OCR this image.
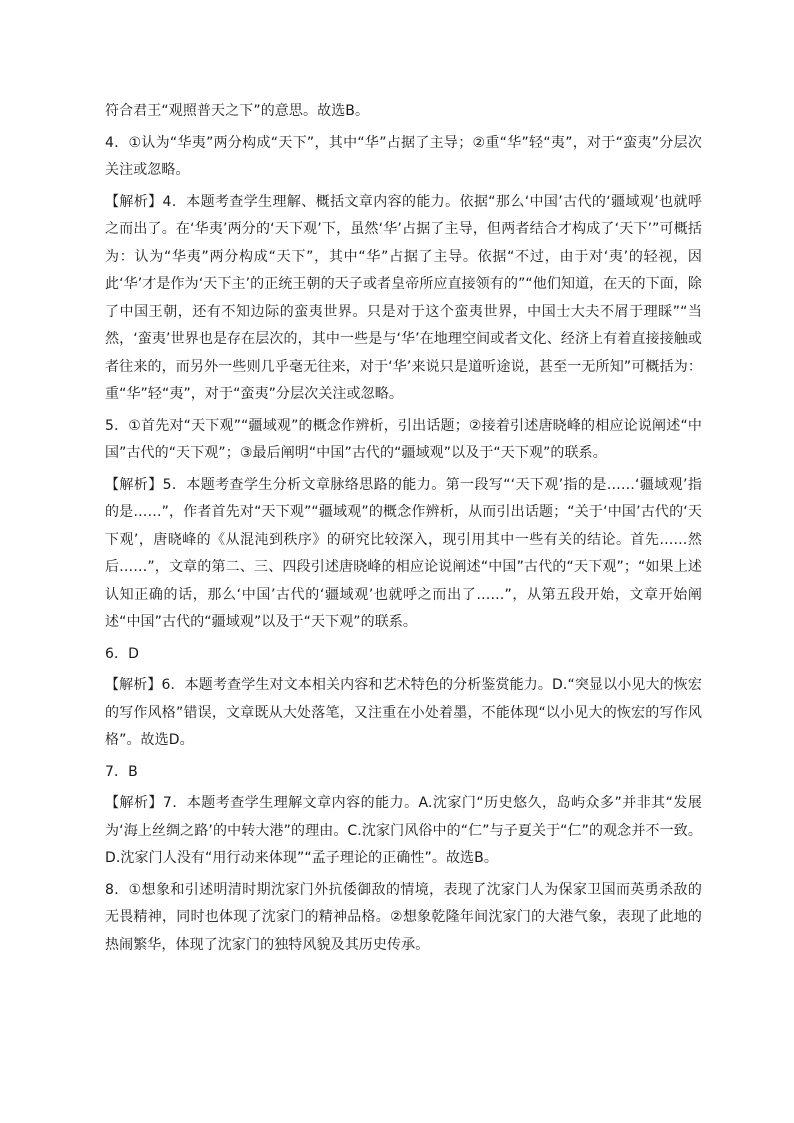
符合君王“观照普天之下”的意思。故选B。

4．①认为“华夷”两分构成“天下”，其中“华”占据了主导；②重“华”轻“夷”，对于“蛮夷”分层次关注或忽略。

【解析】4．本题考查学生理解、概括文章内容的能力。依据“那么‘中国’古代的‘疆域观’也就呼之而出了。在‘华夷’两分的‘天下观’下，虽然‘华’占据了主导，但两者结合才构成了‘天下’”可概括为：认为“华夷”两分构成“天下”，其中“华”占据了主导。依据“不过，由于对‘夷’的轻视，因此‘华’才是作为‘天下主’的正统王朝的天子或者皇帝所应直接领有的”“他们知道，在天的下面，除了中国王朝，还有不知边际的蛮夷世界。只是对于这个蛮夷世界，中国士大夫不屑于理睬”“当然，‘蛮夷’世界也是存在层次的，其中一些是与‘华’在地理空间或者文化、经济上有着直接接触或者往来的，而另外一些则几乎毫无往来，对于‘华’来说只是道听途说，甚至一无所知”可概括为：重“华”轻“夷”，对于“蛮夷”分层次关注或忽略。

5．①首先对“天下观”“疆域观”的概念作辨析，引出话题；②接着引述唐晓峰的相应论说阐述“中国”古代的“天下观”；③最后阐明“中国”古代的“疆域观”以及于“天下观”的联系。

【解析】5．本题考查学生分析文章脉络思路的能力。第一段写“‘天下观’指的是……‘疆域观’指的是……”，作者首先对“天下观”“疆域观”的概念作辨析，从而引出话题；“关于‘中国’古代的‘天下观’，唐晓峰的《从混沌到秩序》的研究比较深入，现引用其中一些有关的结论。首先……然后……”，文章的第二、三、四段引述唐晓峰的相应论说阐述“中国”古代的“天下观”；“如果上述认知正确的话，那么‘中国’古代的‘疆域观’也就呼之而出了……”，从第五段开始，文章开始阐述“中国”古代的“疆域观”以及于“天下观”的联系。

6．D

【解析】6．本题考查学生对文本相关内容和艺术特色的分析鉴赏能力。D.“突显以小见大的恢宏的写作风格”错误，文章既从大处落笔，又注重在小处着墨，不能体现“以小见大的恢宏的写作风格”。故选D。

7．B

【解析】7．本题考查学生理解文章内容的能力。A.沈家门“历史悠久，岛屿众多”并非其“发展为‘海上丝绸之路’的中转大港”的理由。C.沈家门风俗中的“仁”与子夏关于“仁”的观念并不一致。D.沈家门人没有“用行动来体现”“孟子理论的正确性”。故选B。

8．①想象和引述明清时期沈家门外抗倭御敌的情境，表现了沈家门人为保家卫国而英勇杀敌的无畏精神，同时也体现了沈家门的精神品格。②想象乾隆年间沈家门的大港气象，表现了此地的热闹繁华，体现了沈家门的独特风貌及其历史传承。
